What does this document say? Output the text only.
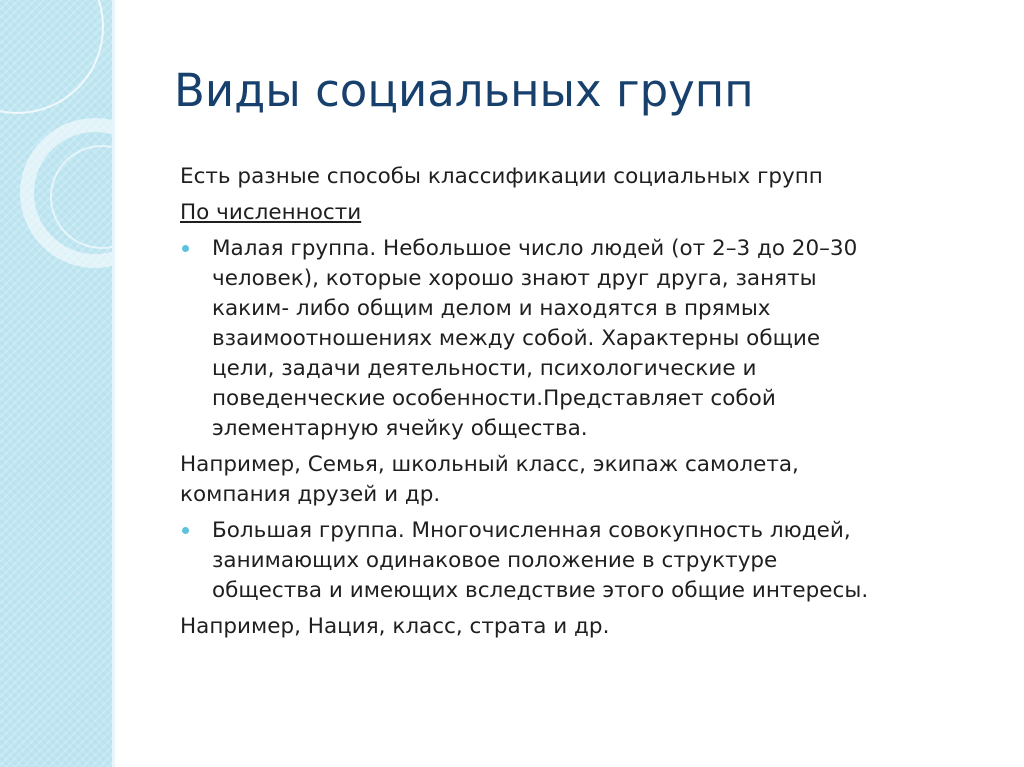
Виды социальных групп

Есть разные способы классификации социальных групп

По численности

Малая группа. Небольшое число людей (от 2–3 до 20–30
человек), которые хорошо знают друг друга, заняты
каким- либо общим делом и находятся в прямых
взаимоотношениях между собой. Характерны общие
цели, задачи деятельности, психологические и
поведенческие особенности.Представляет собой
элементарную ячейку общества.

Например, Семья, школьный класс, экипаж самолета,
компания друзей и др.

Большая группа. Многочисленная совокупность людей,
занимающих одинаковое положение в структуре
общества и имеющих вследствие этого общие интересы.

Например, Нация, класс, страта и др.
